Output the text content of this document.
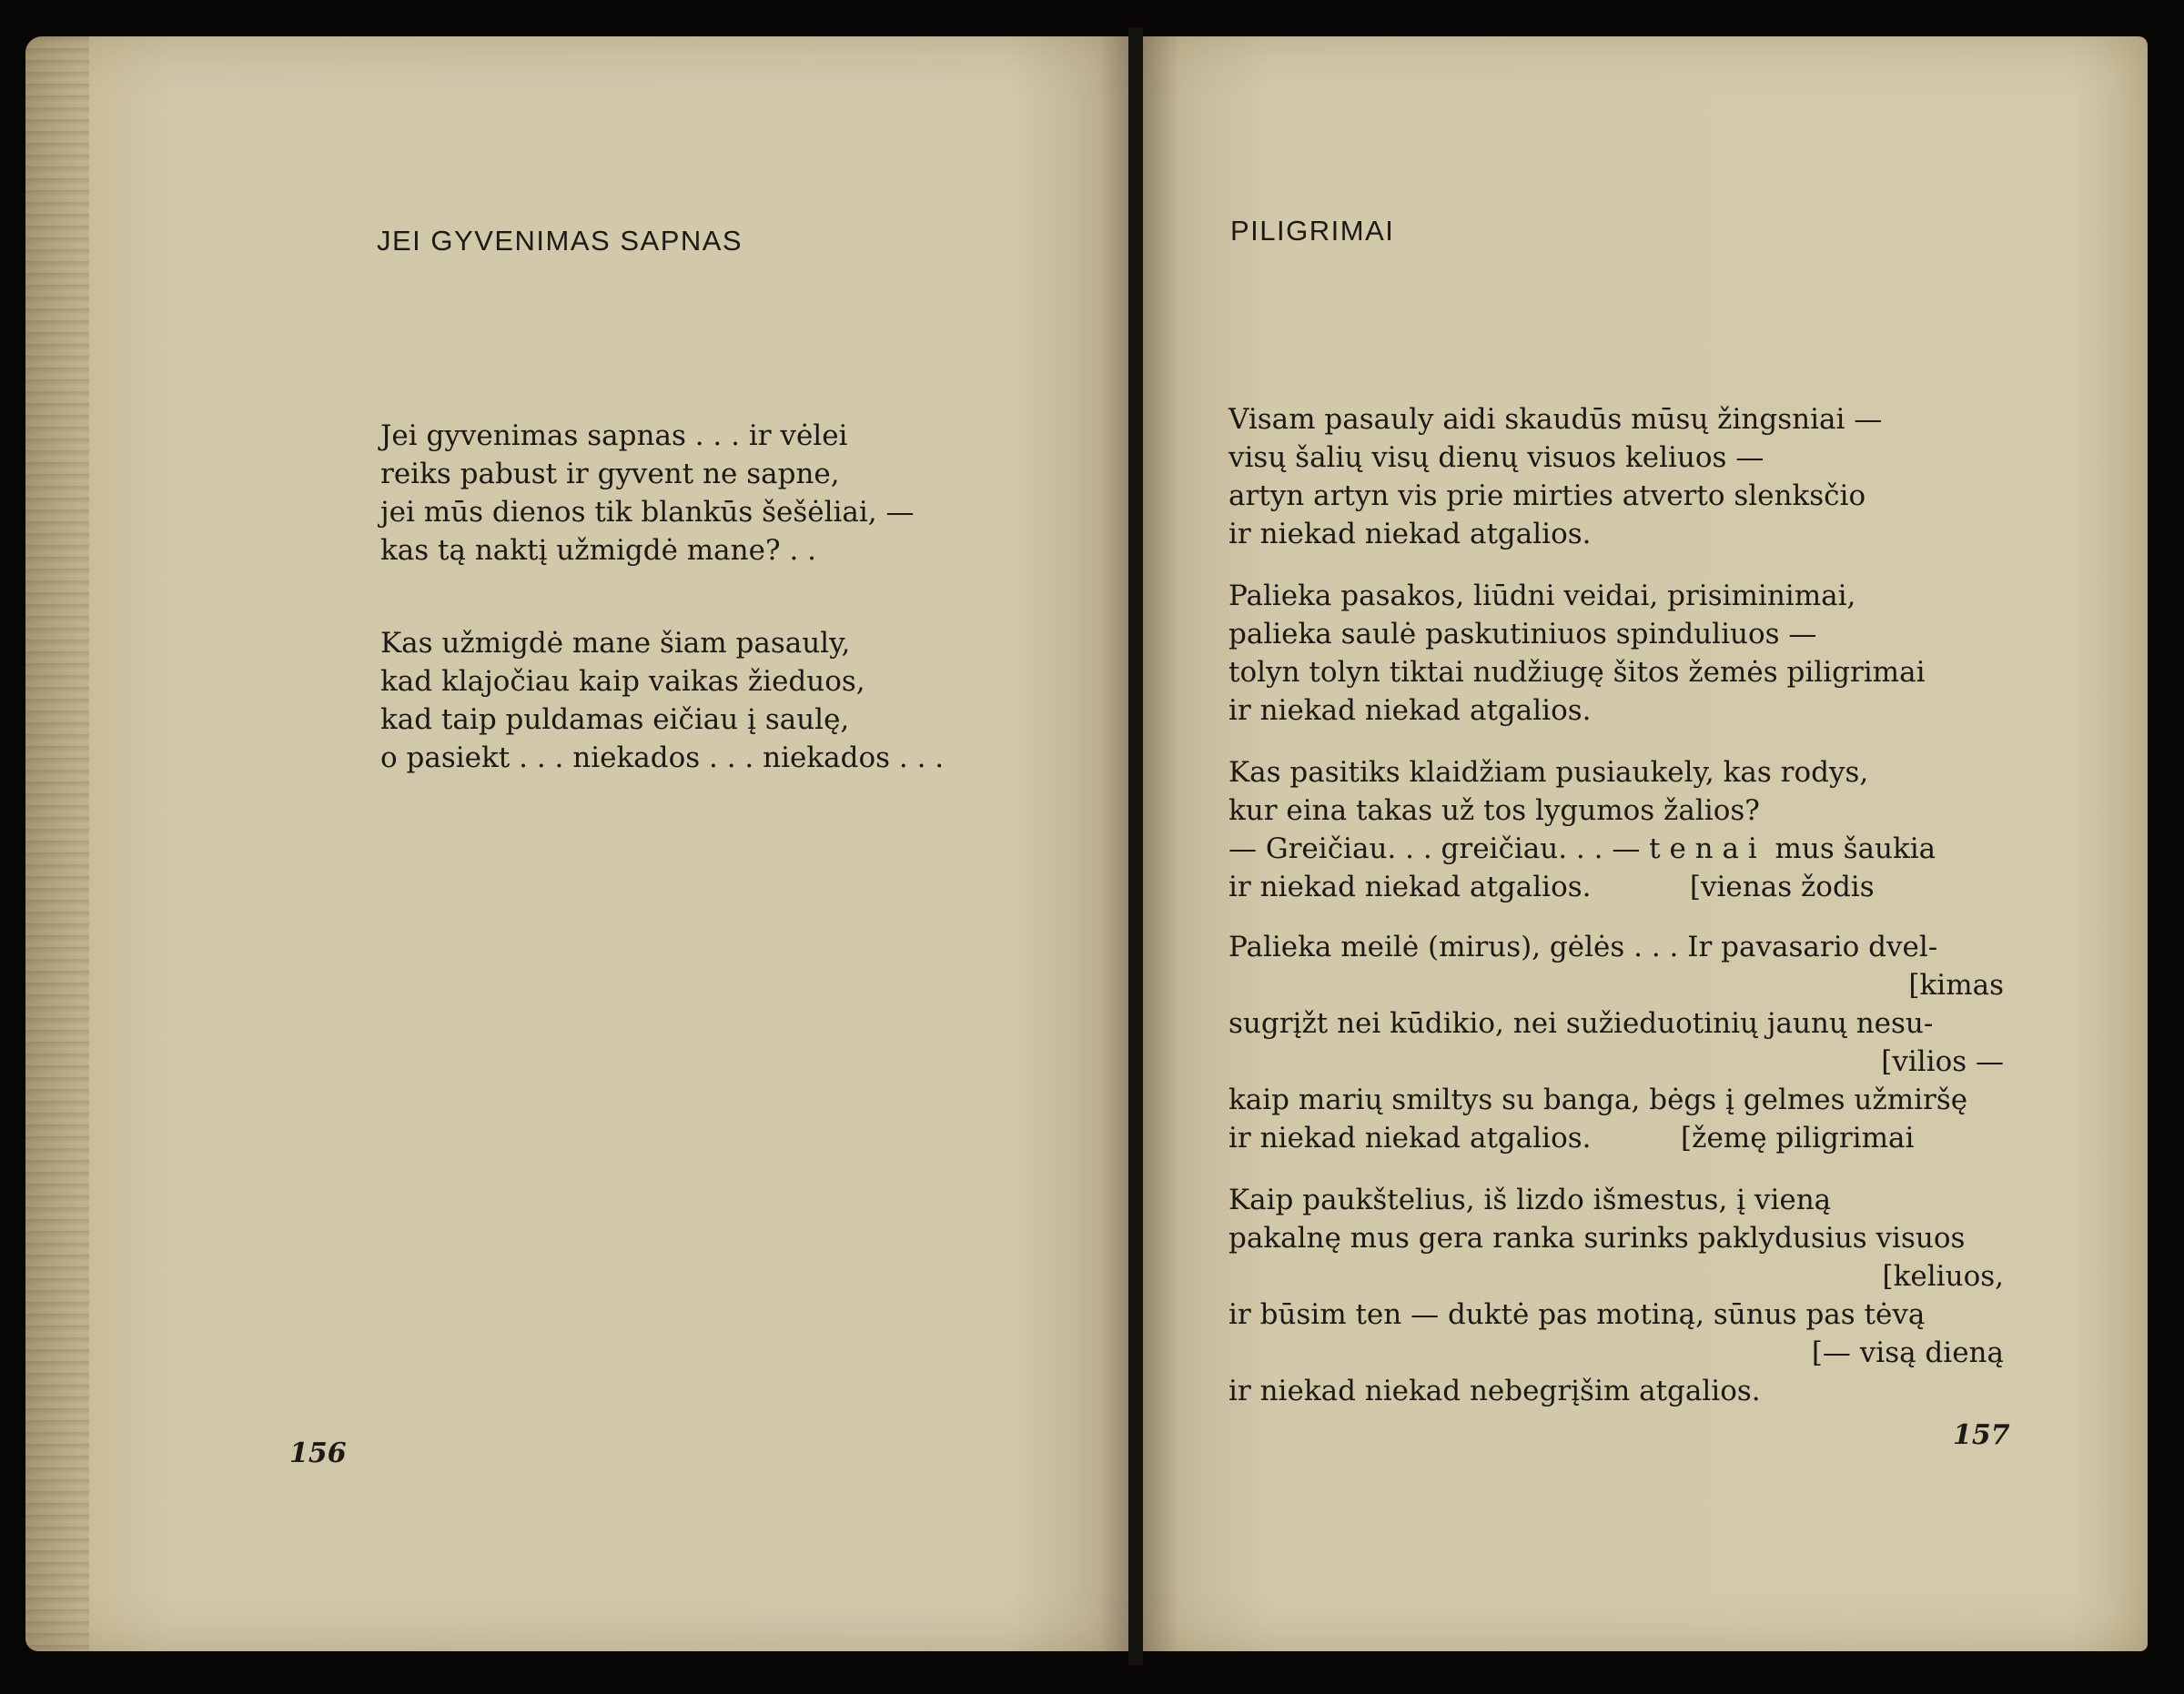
JEI GYVENIMAS SAPNAS

Jei gyvenimas sapnas . . . ir vėlei

reiks pabust ir gyvent ne sapne,

jei mūs dienos tik blankūs šešėliai, —

kas tą naktį užmigdė mane? . .

Kas užmigdė mane šiam pasauly,

kad klajočiau kaip vaikas žieduos,

kad taip puldamas eičiau į saulę,

o pasiekt . . . niekados . . . niekados . . .

156
PILIGRIMAI

Visam pasauly aidi skaudūs mūsų žingsniai —

visų šalių visų dienų visuos keliuos —

artyn artyn vis prie mirties atverto slenksčio

ir niekad niekad atgalios.

Palieka pasakos, liūdni veidai, prisiminimai,

palieka saulė paskutiniuos spinduliuos —

tolyn tolyn tiktai nudžiugę šitos žemės piligrimai

ir niekad niekad atgalios.

Kas pasitiks klaidžiam pusiaukely, kas rodys,

kur eina takas už tos lygumos žalios?

— Greičiau. . . greičiau. . . — t e n a i  mus šaukia

ir niekad niekad atgalios.           [vienas žodis

Palieka meilė (mirus), gėlės . . . Ir pavasario dvel-

[kimas

sugrįžt nei kūdikio, nei sužieduotinių jaunų nesu-

[vilios —

kaip marių smiltys su banga, bėgs į gelmes užmiršę

ir niekad niekad atgalios.          [žemę piligrimai

Kaip paukštelius, iš lizdo išmestus, į vieną

pakalnę mus gera ranka surinks paklydusius visuos

[keliuos,

ir būsim ten — duktė pas motiną, sūnus pas tėvą

[— visą dieną

ir niekad niekad nebegrįšim atgalios.

157
